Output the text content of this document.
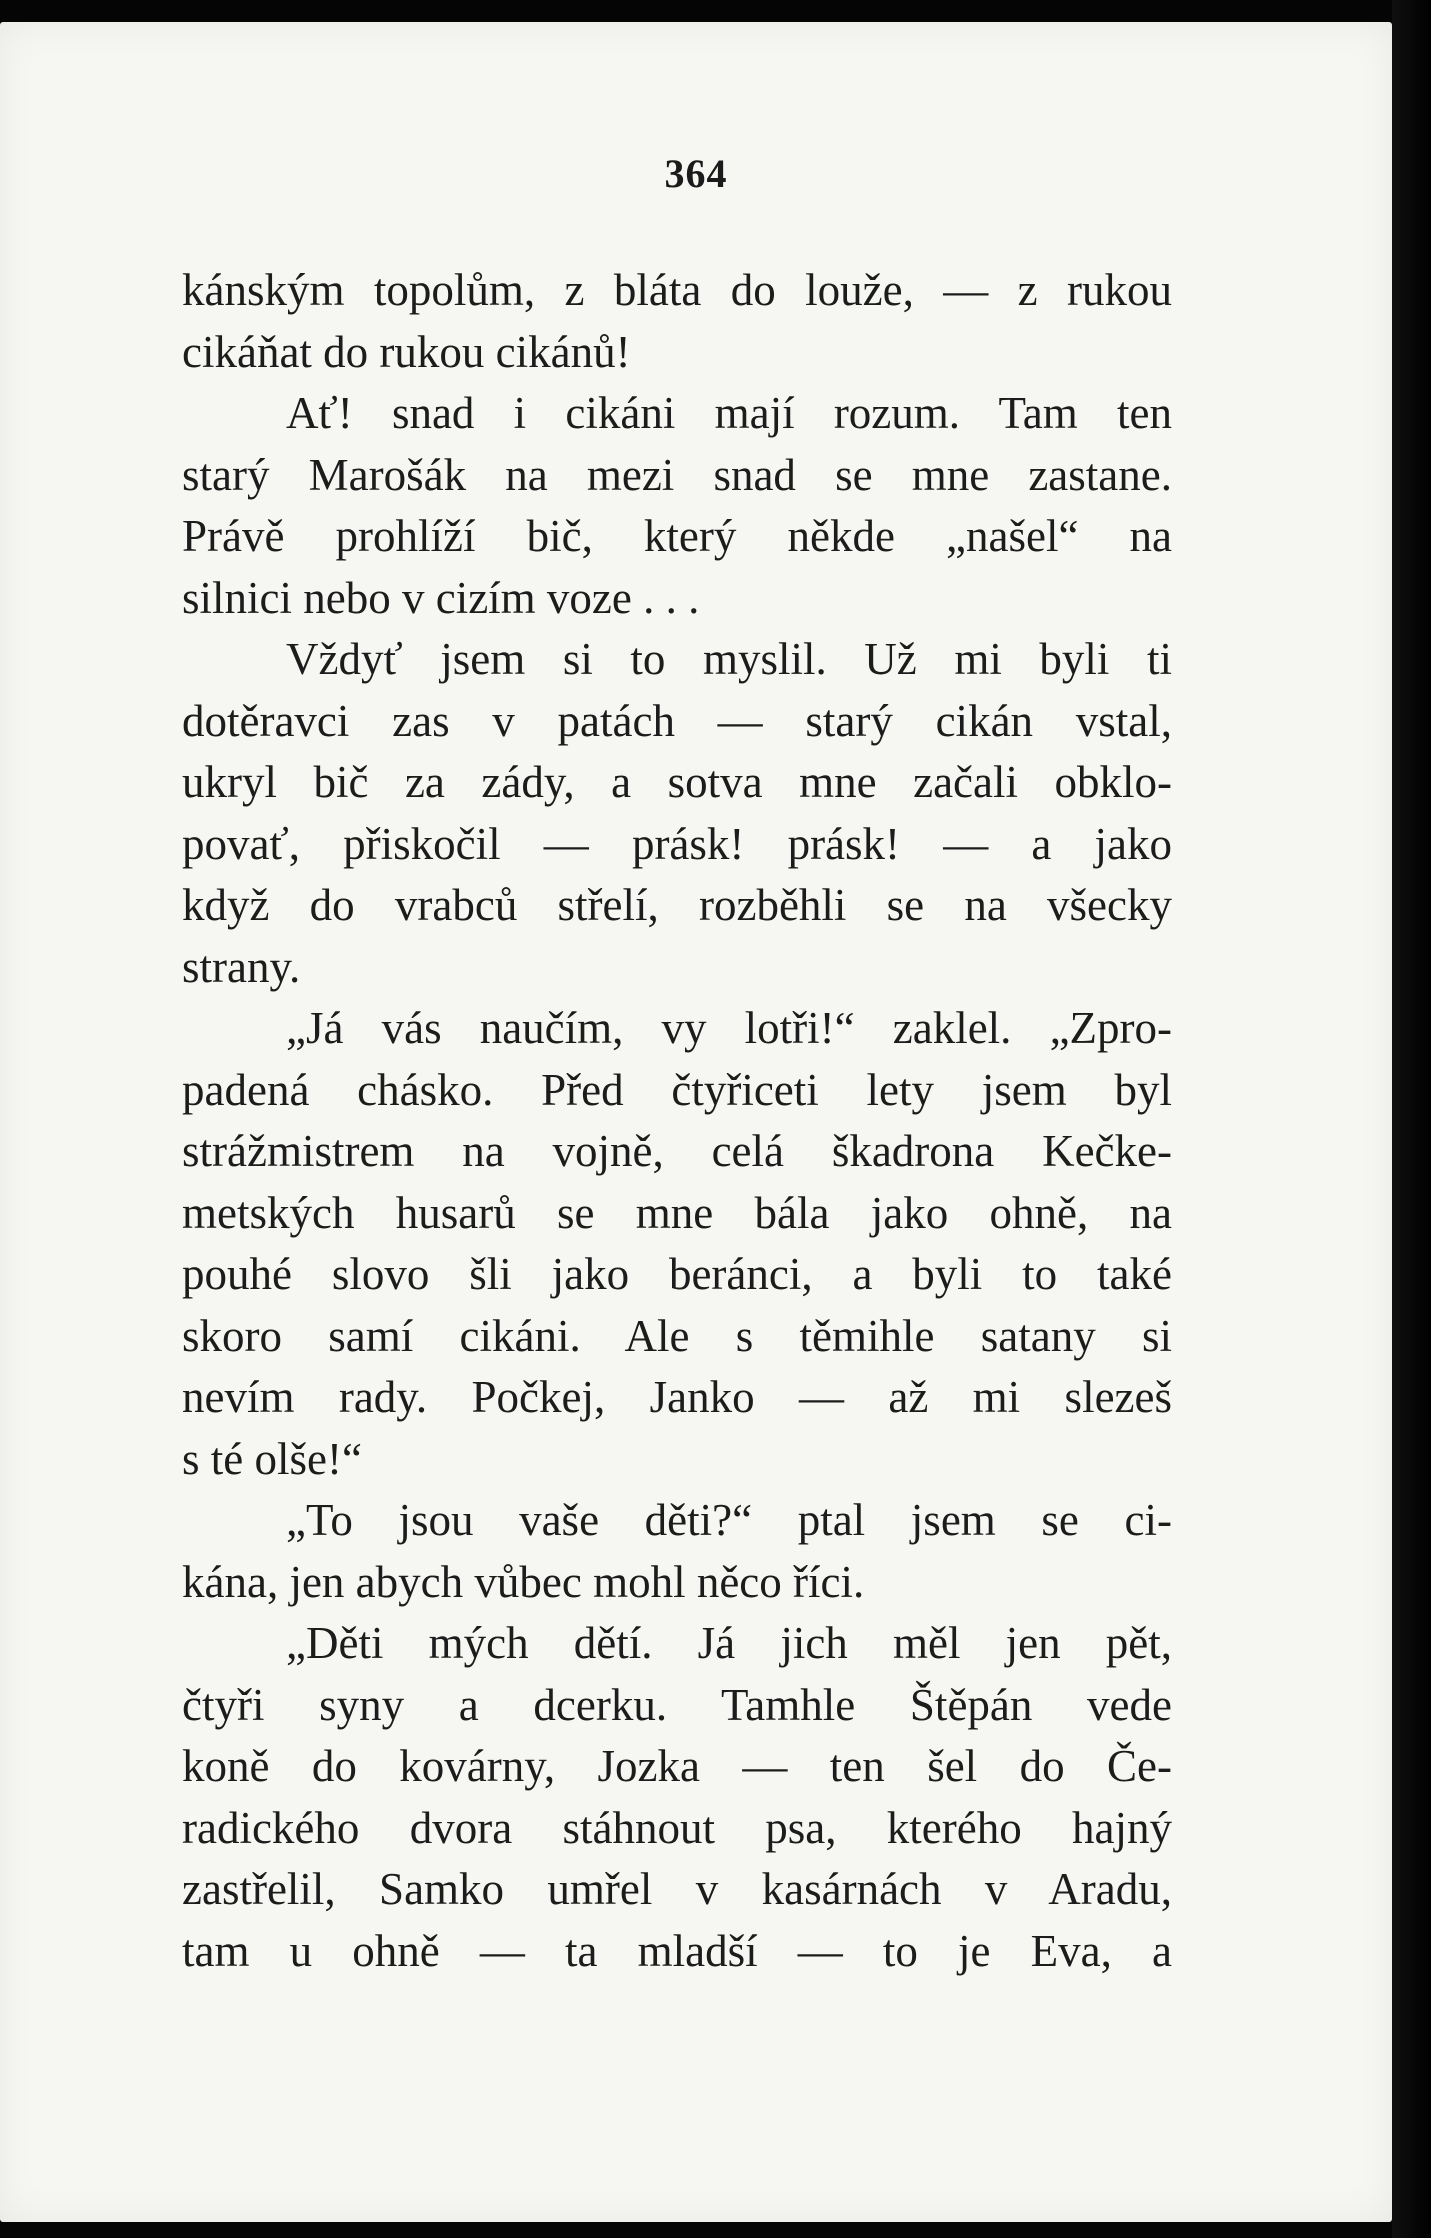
364
kánským topolům, z bláta do louže, — z rukou
cikáňat do rukou cikánů!
Ať! snad i cikáni mají rozum. Tam ten
starý Marošák na mezi snad se mne zastane.
Právě prohlíží bič, který někde „našel“ na
silnici nebo v cizím voze . . .
Vždyť jsem si to myslil. Už mi byli ti
dotěravci zas v patách — starý cikán vstal,
ukryl bič za zády, a sotva mne začali obklo-
povať, přiskočil — prásk! prásk! — a jako
když do vrabců střelí, rozběhli se na všecky
strany.
„Já vás naučím, vy lotři!“ zaklel. „Zpro-
padená chásko. Před čtyřiceti lety jsem byl
strážmistrem na vojně, celá škadrona Kečke-
metských husarů se mne bála jako ohně, na
pouhé slovo šli jako beránci, a byli to také
skoro samí cikáni. Ale s těmihle satany si
nevím rady. Počkej, Janko — až mi slezeš
s té olše!“
„To jsou vaše děti?“ ptal jsem se ci-
kána, jen abych vůbec mohl něco říci.
„Děti mých dětí. Já jich měl jen pět,
čtyři syny a dcerku. Tamhle Štěpán vede
koně do kovárny, Jozka — ten šel do Če-
radického dvora stáhnout psa, kterého hajný
zastřelil, Samko umřel v kasárnách v Aradu,
tam u ohně — ta mladší — to je Eva, a
